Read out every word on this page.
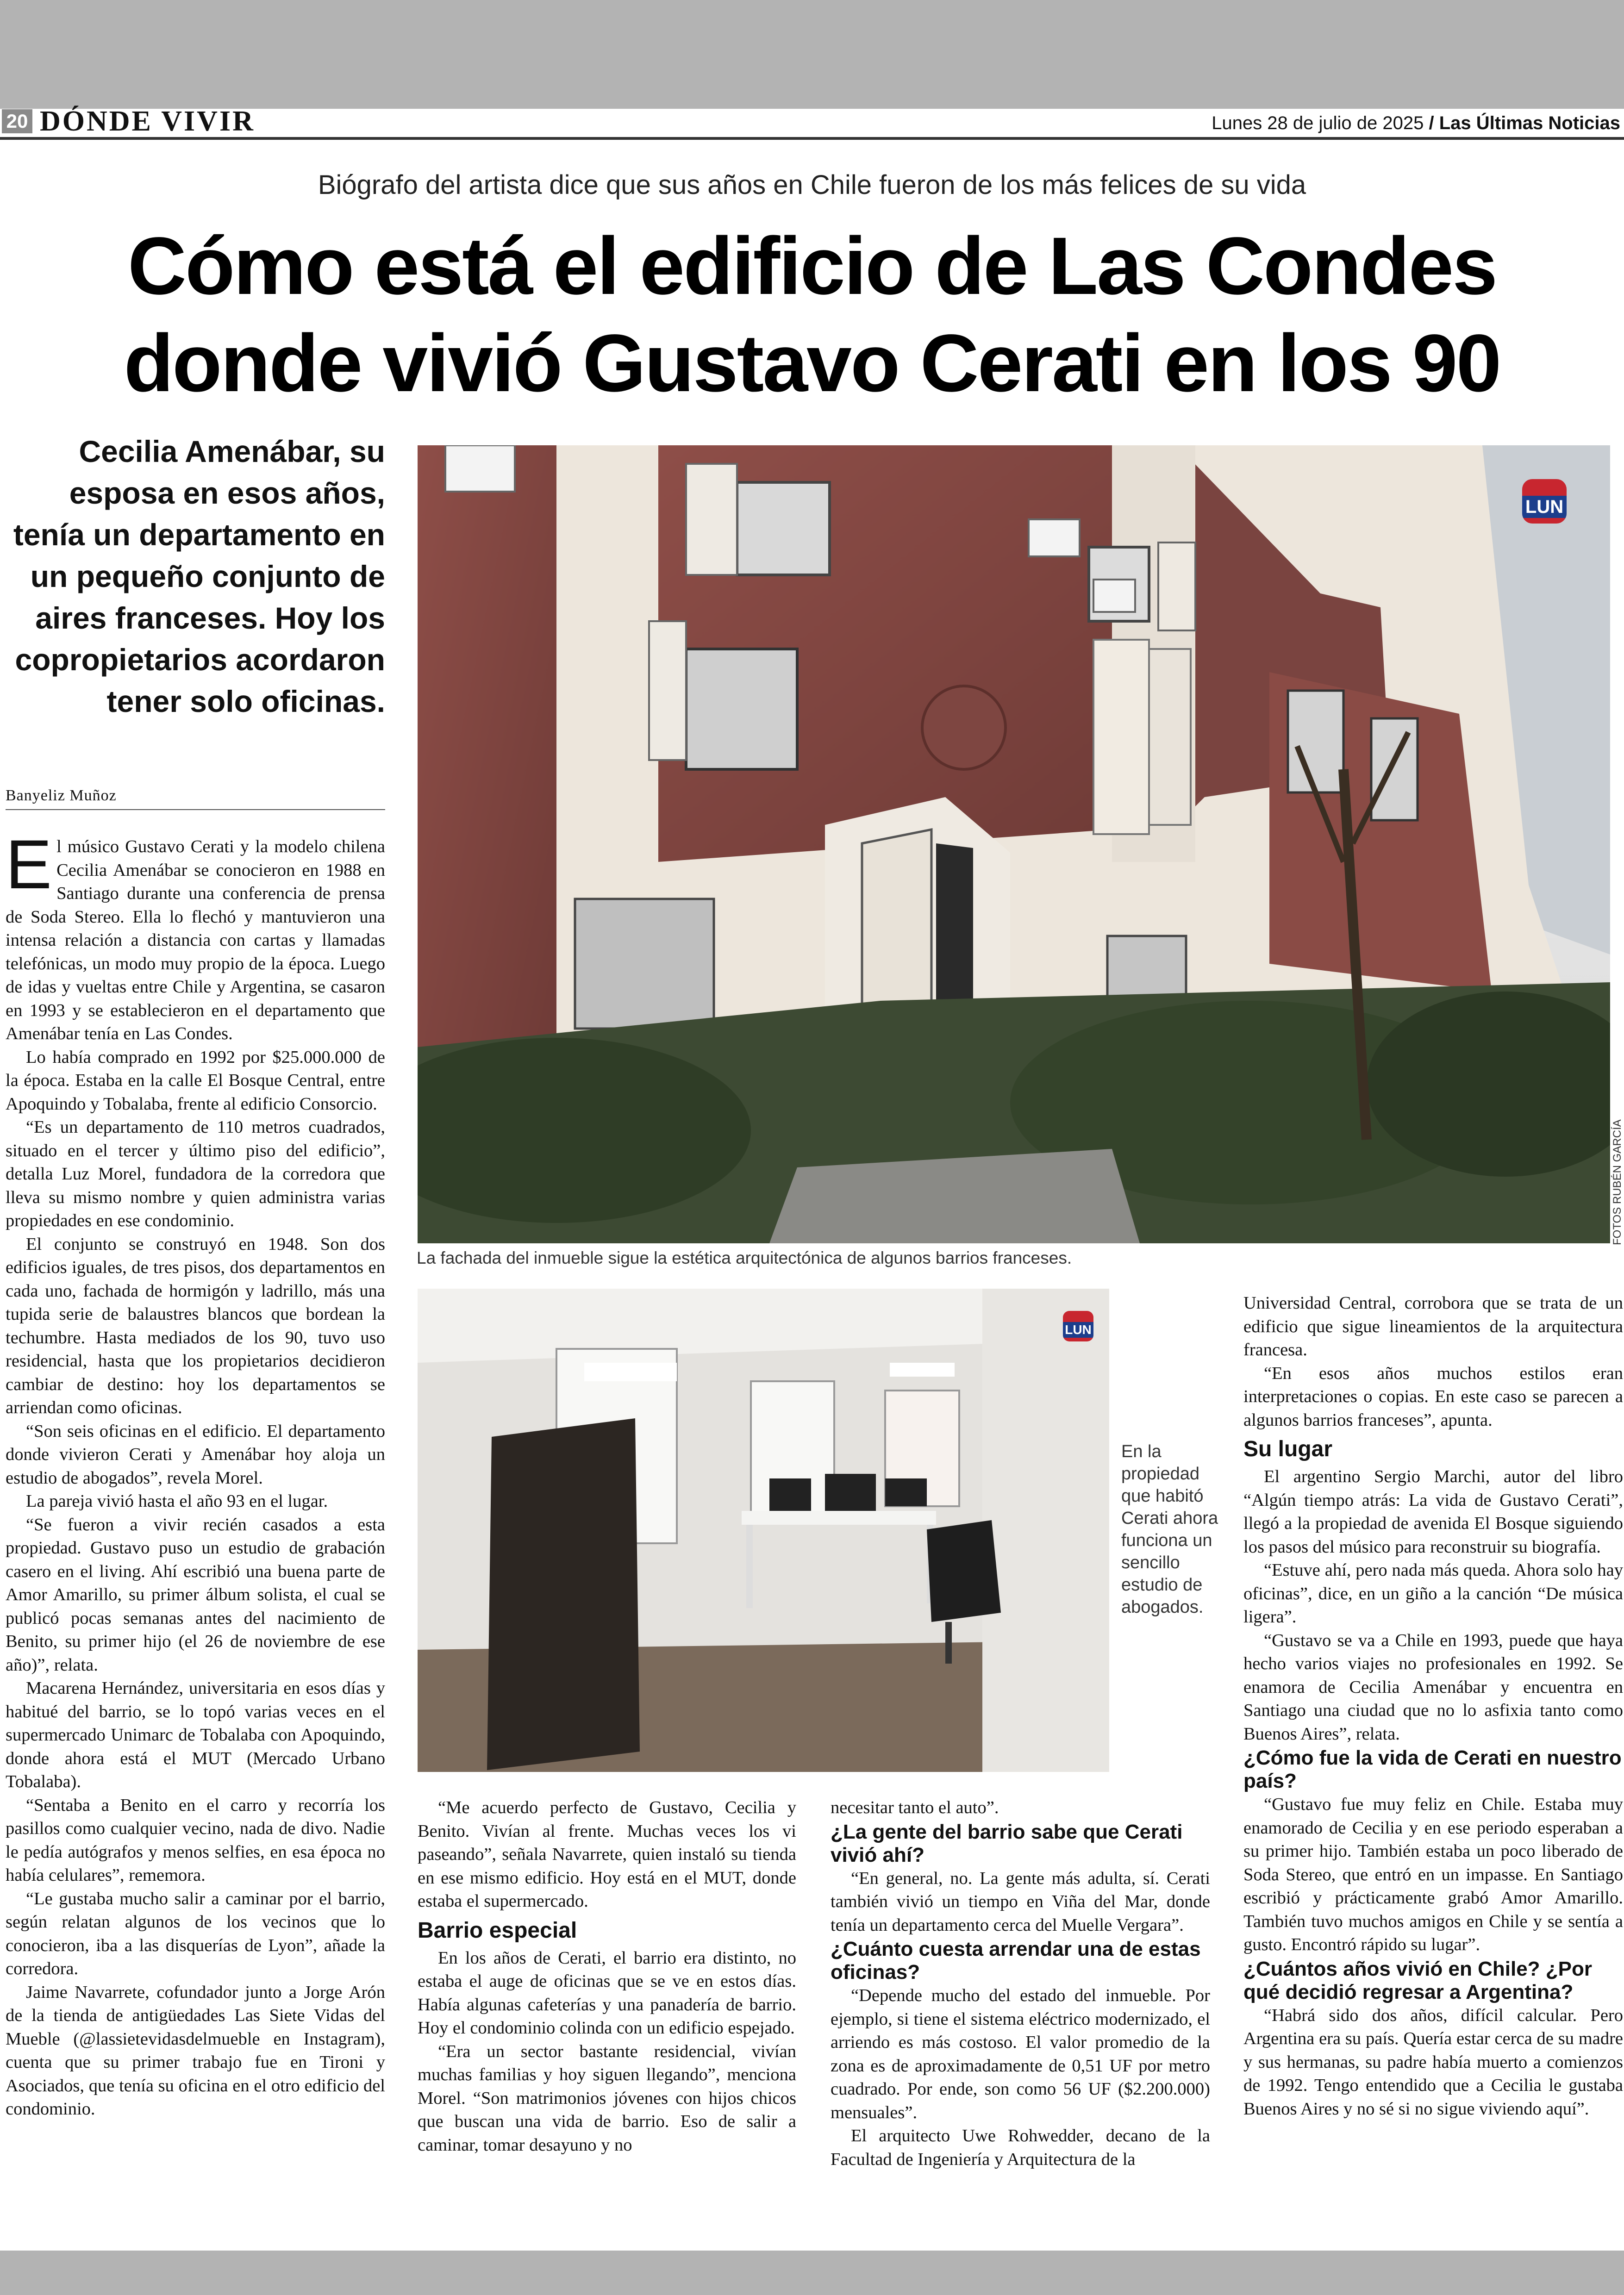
20 DÓNDE VIVIR	Lunes 28 de julio de 2025 / Las Últimas Noticias
Biógrafo del artista dice que sus años en Chile fueron de los más felices de su vida
Cómo está el edificio de Las Condes donde vivió Gustavo Cerati en los 90
Cecilia Amenábar, su esposa en esos años, tenía un departamento en un pequeño conjunto de aires franceses. Hoy los copropietarios acordaron tener solo oficinas.
Banyeliz Muñoz
LUN
La fachada del inmueble sigue la estética arquitectónica de algunos barrios franceses.
FOTOS RUBÉN GARCÍA
LUN
En la propiedad que habitó Cerati ahora funciona un sencillo estudio de abogados.

El músico Gustavo Cerati y la modelo chilena Cecilia Amenábar se conocieron en 1988 en Santiago durante una conferencia de prensa de Soda Stereo. Ella lo flechó y mantuvieron una intensa relación a distancia con cartas y llamadas telefónicas, un modo muy propio de la época. Luego de idas y vueltas entre Chile y Argentina, se casaron en 1993 y se establecieron en el departamento que Amenábar tenía en Las Condes.

Lo había comprado en 1992 por $25.000.000 de la época. Estaba en la calle El Bosque Central, entre Apoquindo y Tobalaba, frente al edificio Consorcio.

“Es un departamento de 110 metros cuadrados, situado en el tercer y último piso del edificio”, detalla Luz Morel, fundadora de la corredora que lleva su mismo nombre y quien administra varias propiedades en ese condominio.

El conjunto se construyó en 1948. Son dos edificios iguales, de tres pisos, dos departamentos en cada uno, fachada de hormigón y ladrillo, más una tupida serie de balaustres blancos que bordean la techumbre. Hasta mediados de los 90, tuvo uso residencial, hasta que los propietarios decidieron cambiar de destino: hoy los departamentos se arriendan como oficinas.

“Son seis oficinas en el edificio. El departamento donde vivieron Cerati y Amenábar hoy aloja un estudio de abogados”, revela Morel.

La pareja vivió hasta el año 93 en el lugar.

“Se fueron a vivir recién casados a esta propiedad. Gustavo puso un estudio de grabación casero en el living. Ahí escribió una buena parte de Amor Amarillo, su primer álbum solista, el cual se publicó pocas semanas antes del nacimiento de Benito, su primer hijo (el 26 de noviembre de ese año)”, relata.

Macarena Hernández, universitaria en esos días y habitué del barrio, se lo topó varias veces en el supermercado Unimarc de Tobalaba con Apoquindo, donde ahora está el MUT (Mercado Urbano Tobalaba).

“Sentaba a Benito en el carro y recorría los pasillos como cualquier vecino, nada de divo. Nadie le pedía autógrafos y menos selfies, en esa época no había celulares”, rememora.

“Le gustaba mucho salir a caminar por el barrio, según relatan algunos de los vecinos que lo conocieron, iba a las disquerías de Lyon”, añade la corredora.

Jaime Navarrete, cofundador junto a Jorge Arón de la tienda de antigüedades Las Siete Vidas del Mueble (@lassietevidasdelmueble en Instagram), cuenta que su primer trabajo fue en Tironi y Asociados, que tenía su oficina en el otro edificio del condominio.

“Me acuerdo perfecto de Gustavo, Cecilia y Benito. Vivían al frente. Muchas veces los vi paseando”, señala Navarrete, quien instaló su tienda en ese mismo edificio. Hoy está en el MUT, donde estaba el supermercado.

Barrio especial

En los años de Cerati, el barrio era distinto, no estaba el auge de oficinas que se ve en estos días. Había algunas cafeterías y una panadería de barrio. Hoy el condominio colinda con un edificio espejado.

“Era un sector bastante residencial, vivían muchas familias y hoy siguen llegando”, menciona Morel. “Son matrimonios jóvenes con hijos chicos que buscan una vida de barrio. Eso de salir a caminar, tomar desayuno y no

necesitar tanto el auto”.

¿La gente del barrio sabe que Cerati vivió ahí?

“En general, no. La gente más adulta, sí. Cerati también vivió un tiempo en Viña del Mar, donde tenía un departamento cerca del Muelle Vergara”.

¿Cuánto cuesta arrendar una de estas oficinas?

“Depende mucho del estado del inmueble. Por ejemplo, si tiene el sistema eléctrico modernizado, el arriendo es más costoso. El valor promedio de la zona es de aproximadamente de 0,51 UF por metro cuadrado. Por ende, son como 56 UF ($2.200.000) mensuales”.

El arquitecto Uwe Rohwedder, decano de la Facultad de Ingeniería y Arquitectura de la

Universidad Central, corrobora que se trata de un edificio que sigue lineamientos de la arquitectura francesa.

“En esos años muchos estilos eran interpretaciones o copias. En este caso se parecen a algunos barrios franceses”, apunta.

Su lugar

El argentino Sergio Marchi, autor del libro “Algún tiempo atrás: La vida de Gustavo Cerati”, llegó a la propiedad de avenida El Bosque siguiendo los pasos del músico para reconstruir su biografía.

“Estuve ahí, pero nada más queda. Ahora solo hay oficinas”, dice, en un giño a la canción “De música ligera”.

“Gustavo se va a Chile en 1993, puede que haya hecho varios viajes no profesionales en 1992. Se enamora de Cecilia Amenábar y encuentra en Santiago una ciudad que no lo asfixia tanto como Buenos Aires”, relata.

¿Cómo fue la vida de Cerati en nuestro país?

“Gustavo fue muy feliz en Chile. Estaba muy enamorado de Cecilia y en ese periodo esperaban a su primer hijo. También estaba un poco liberado de Soda Stereo, que entró en un impasse. En Santiago escribió y prácticamente grabó Amor Amarillo. También tuvo muchos amigos en Chile y se sentía a gusto. Encontró rápido su lugar”.

¿Cuántos años vivió en Chile? ¿Por qué decidió regresar a Argentina?

“Habrá sido dos años, difícil calcular. Pero Argentina era su país. Quería estar cerca de su madre y sus hermanas, su padre había muerto a comienzos de 1992. Tengo entendido que a Cecilia le gustaba Buenos Aires y no sé si no sigue viviendo aquí”.
